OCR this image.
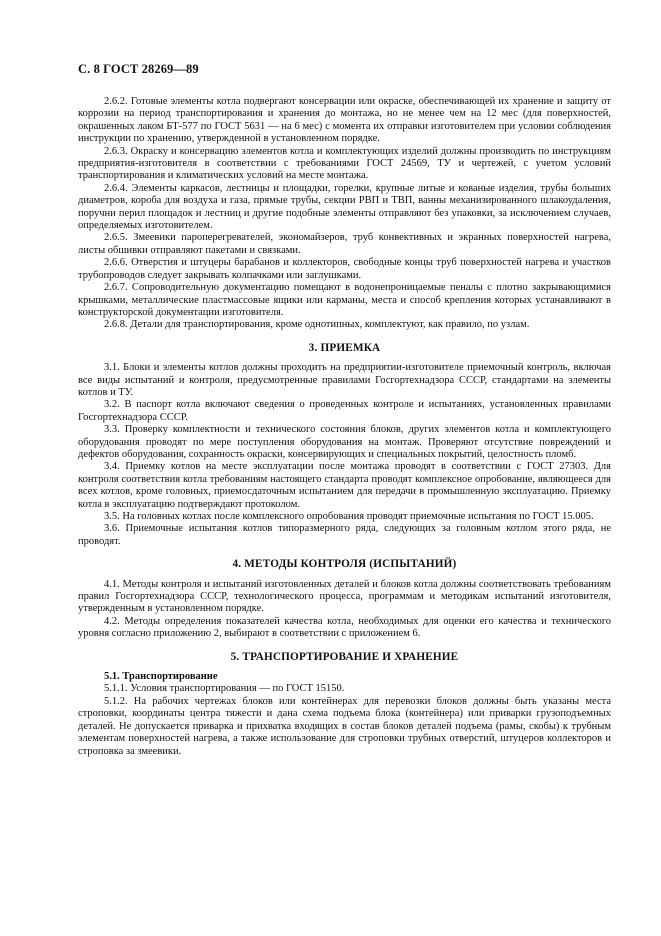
С. 8 ГОСТ 28269—89

2.6.2. Готовые элементы котла подвергают консервации или окраске, обеспечивающей их хранение и защиту от коррозии на период транспортирования и хранения до монтажа, но не менее чем на 12 мес (для поверхностей, окрашенных лаком БТ-577 по ГОСТ 5631 — на 6 мес) с момента их отправки изготовителем при условии соблюдения инструкции по хранению, утвержденной в установленном порядке.

2.6.3. Окраску и консервацию элементов котла и комплектующих изделий должны производить по инструкциям предприятия-изготовителя в соответствии с требованиями ГОСТ 24569, ТУ и чертежей, с учетом условий транспортирования и климатических условий на месте монтажа.

2.6.4. Элементы каркасов, лестницы и площадки, горелки, крупные литые и кованые изделия, трубы больших диаметров, короба для воздуха и газа, прямые трубы, секции РВП и ТВП, ванны механизированного шлакоудаления, поручни перил площадок и лестниц и другие подобные элементы отправляют без упаковки, за исключением случаев, определяемых изготовителем.

2.6.5. Змеевики пароперегревателей, экономайзеров, труб конвективных и экранных поверхностей нагрева, листы обшивки отправляют пакетами и связками.

2.6.6. Отверстия и штуцеры барабанов и коллекторов, свободные концы труб поверхностей нагрева и участков трубопроводов следует закрывать колпачками или заглушками.

2.6.7. Сопроводительную документацию помещают в водонепроницаемые пеналы с плотно закрывающимися крышками, металлические пластмассовые ящики или карманы, места и способ крепления которых устанавливают в конструкторской документации изготовителя.

2.6.8. Детали для транспортирования, кроме однотипных, комплектуют, как правило, по узлам.

3. ПРИЕМКА

3.1. Блоки и элементы котлов должны проходить на предприятии-изготовителе приемочный контроль, включая все виды испытаний и контроля, предусмотренные правилами Госгортехнадзора СССР, стандартами на элементы котлов и ТУ.

3.2. В паспорт котла включают сведения о проведенных контроле и испытаниях, установленных правилами Госгортехнадзора СССР.

3.3. Проверку комплектности и технического состояния блоков, других элементов котла и комплектующего оборудования проводят по мере поступления оборудования на монтаж. Проверяют отсутствие повреждений и дефектов оборудования, сохранность окраски, консервирующих и специальных покрытий, целостность пломб.

3.4. Приемку котлов на месте эксплуатации после монтажа проводят в соответствии с ГОСТ 27303. Для контроля соответствия котла требованиям настоящего стандарта проводят комплексное опробование, являющееся для всех котлов, кроме головных, приемосдаточным испытанием для передачи в промышленную эксплуатацию. Приемку котла в эксплуатацию подтверждают протоколом.

3.5. На головных котлах после комплексного опробования проводят приемочные испытания по ГОСТ 15.005.

3.6. Приемочные испытания котлов типоразмерного ряда, следующих за головным котлом этого ряда, не проводят.

4. МЕТОДЫ КОНТРОЛЯ (ИСПЫТАНИЙ)

4.1. Методы контроля и испытаний изготовленных деталей и блоков котла должны соответствовать требованиям правил Госгортехнадзора СССР, технологического процесса, программам и методикам испытаний изготовителя, утвержденным в установленном порядке.

4.2. Методы определения показателей качества котла, необходимых для оценки его качества и технического уровня согласно приложению 2, выбирают в соответствии с приложением 6.

5. ТРАНСПОРТИРОВАНИЕ И ХРАНЕНИЕ

5.1. Транспортирование

5.1.1. Условия транспортирования — по ГОСТ 15150.

5.1.2. На рабочих чертежах блоков или контейнерах для перевозки блоков должны быть указаны места строповки, координаты центра тяжести и дана схема подъема блока (контейнера) или приварки грузоподъемных деталей. Не допускается приварка и прихватка входящих в состав блоков деталей подъема (рамы, скобы) к трубным элементам поверхностей нагрева, а также использование для строповки трубных отверстий, штуцеров коллекторов и строповка за змеевики.
